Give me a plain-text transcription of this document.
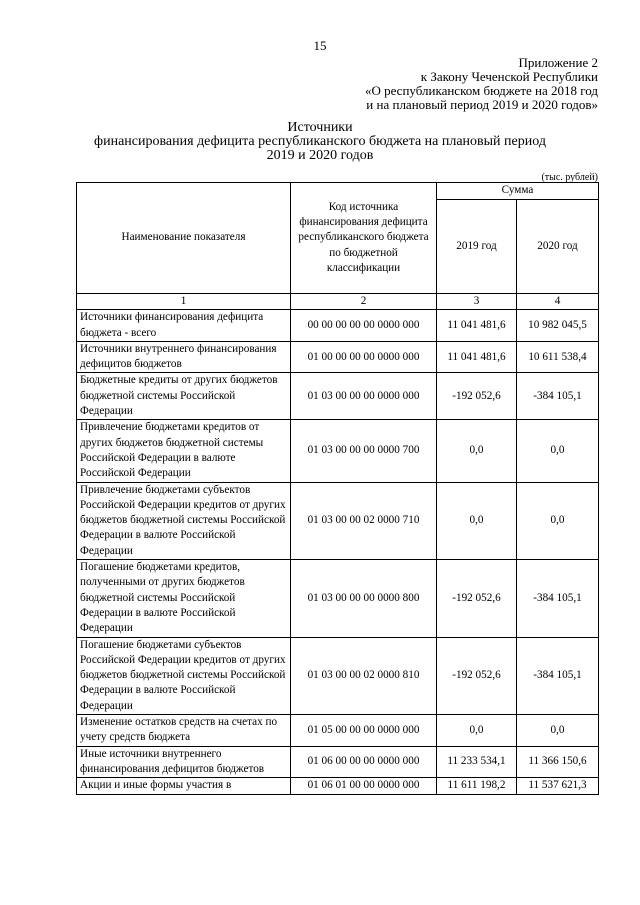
15
Приложение 2
к Закону Чеченской Республики
«О республиканском бюджете на 2018 год
и на плановый период 2019 и 2020 годов»
Источники
финансирования дефицита республиканского бюджета на плановый период
2019 и 2020 годов
(тыс. рублей)
Наименование показателя	Код источника финансирования дефицита республиканского бюджета по бюджетной классификации	Сумма	
		2019 год	2020 год
1	2	3	4
Источники финансирования дефицита бюджета - всего	00 00 00 00 00 0000 000	11 041 481,6	10 982 045,5
Источники внутреннего финансирования дефицитов бюджетов	01 00 00 00 00 0000 000	11 041 481,6	10 611 538,4
Бюджетные кредиты от других бюджетов бюджетной системы Российской Федерации	01 03 00 00 00 0000 000	-192 052,6	-384 105,1
Привлечение бюджетами кредитов от других бюджетов бюджетной системы Российской Федерации в валюте Российской Федерации	01 03 00 00 00 0000 700	0,0	0,0
Привлечение бюджетами субъектов Российской Федерации кредитов от других бюджетов бюджетной системы Российской Федерации в валюте Российской Федерации	01 03 00 00 02 0000 710	0,0	0,0
Погашение бюджетами кредитов, полученными от других бюджетов бюджетной системы Российской Федерации в валюте Российской Федерации	01 03 00 00 00 0000 800	-192 052,6	-384 105,1
Погашение бюджетами субъектов Российской Федерации кредитов от других бюджетов бюджетной системы Российской Федерации в валюте Российской Федерации	01 03 00 00 02 0000 810	-192 052,6	-384 105,1
Изменение остатков средств на счетах по учету средств бюджета	01 05 00 00 00 0000 000	0,0	0,0
Иные источники внутреннего финансирования дефицитов бюджетов	01 06 00 00 00 0000 000	11 233 534,1	11 366 150,6
Акции и иные формы участия в	01 06 01 00 00 0000 000	11 611 198,2	11 537 621,3
